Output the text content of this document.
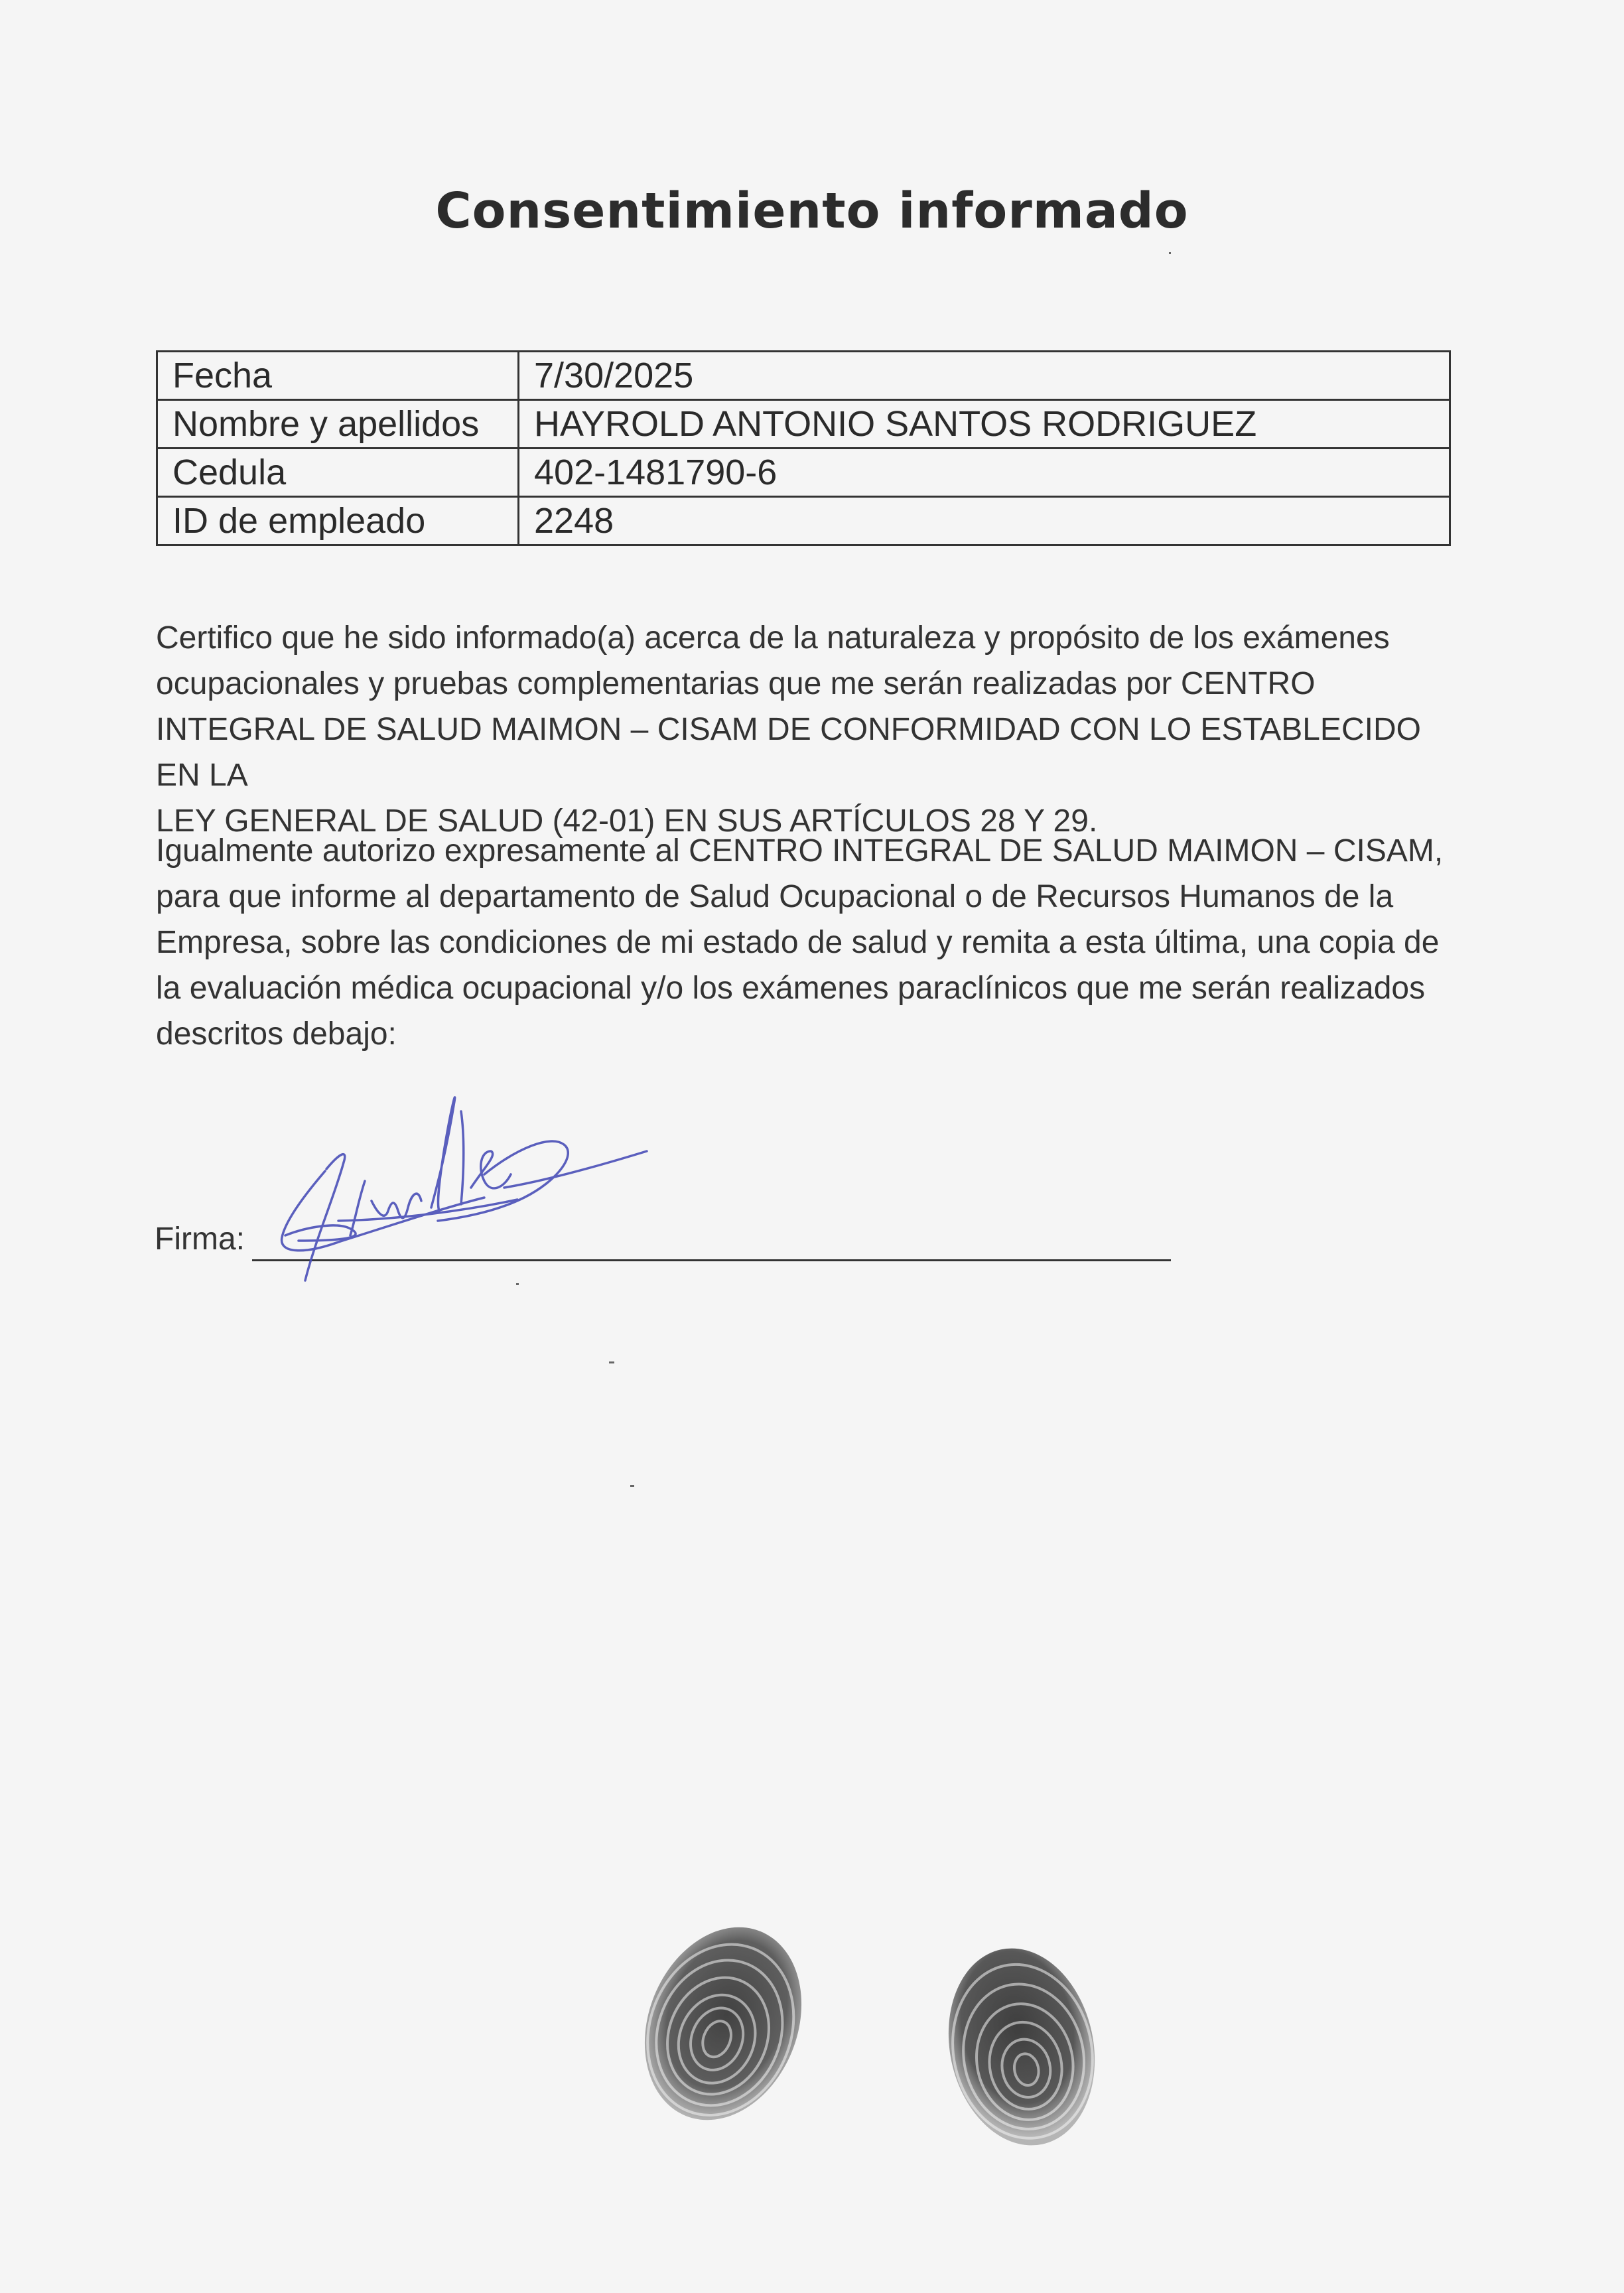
Consentimiento informado
Fecha	7/30/2025
Nombre y apellidos	HAYROLD ANTONIO SANTOS RODRIGUEZ
Cedula	402-1481790-6
ID de empleado	2248

Certifico que he sido informado(a) acerca de la naturaleza y propósito de los exámenes
ocupacionales y pruebas complementarias que me serán realizadas por CENTRO
INTEGRAL DE SALUD MAIMON – CISAM DE CONFORMIDAD CON LO ESTABLECIDO EN LA
LEY GENERAL DE SALUD (42-01) EN SUS ARTÍCULOS 28 Y 29.

Igualmente autorizo expresamente al CENTRO INTEGRAL DE SALUD MAIMON – CISAM,
para que informe al departamento de Salud Ocupacional o de Recursos Humanos de la
Empresa, sobre las condiciones de mi estado de salud y remita a esta última, una copia de
la evaluación médica ocupacional y/o los exámenes paraclínicos que me serán realizados
descritos debajo:

Firma:
